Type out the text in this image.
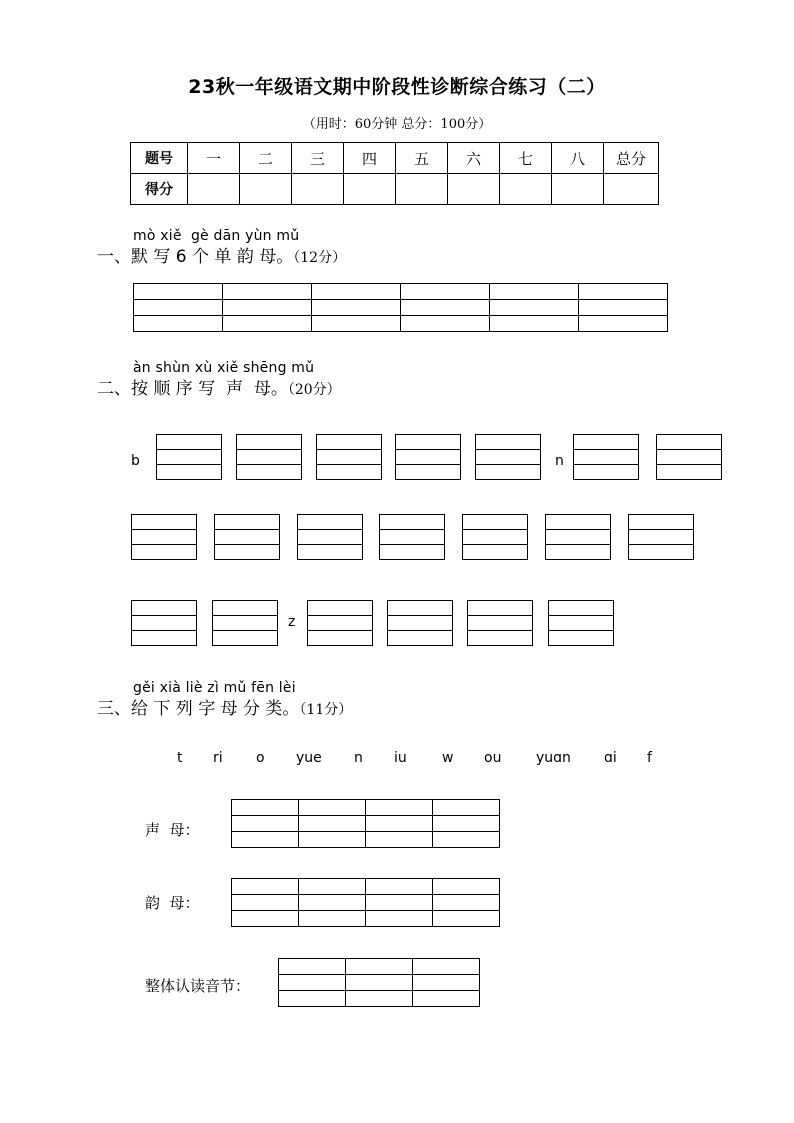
23秋一年级语文期中阶段性诊断综合练习（二）
（用时：60分钟 总分：100分）
题号	一	二	三	四	五	六	七	八	总分
得分									
mò xiě  gè dān yùn mǔ
一、默 写 6 个 单 韵 母。（12分）

àn shùn xù xiě shēng mǔ
二、按 顺 序 写  声  母。（20分）
b	n
z
gěi xià liè zì mǔ fēn lèi
三、给 下 列 字 母 分 类。（11分）
t ri o yue n iu	w ou yuɑn ɑi f
声  母：

韵  母：

整体认读音节：
